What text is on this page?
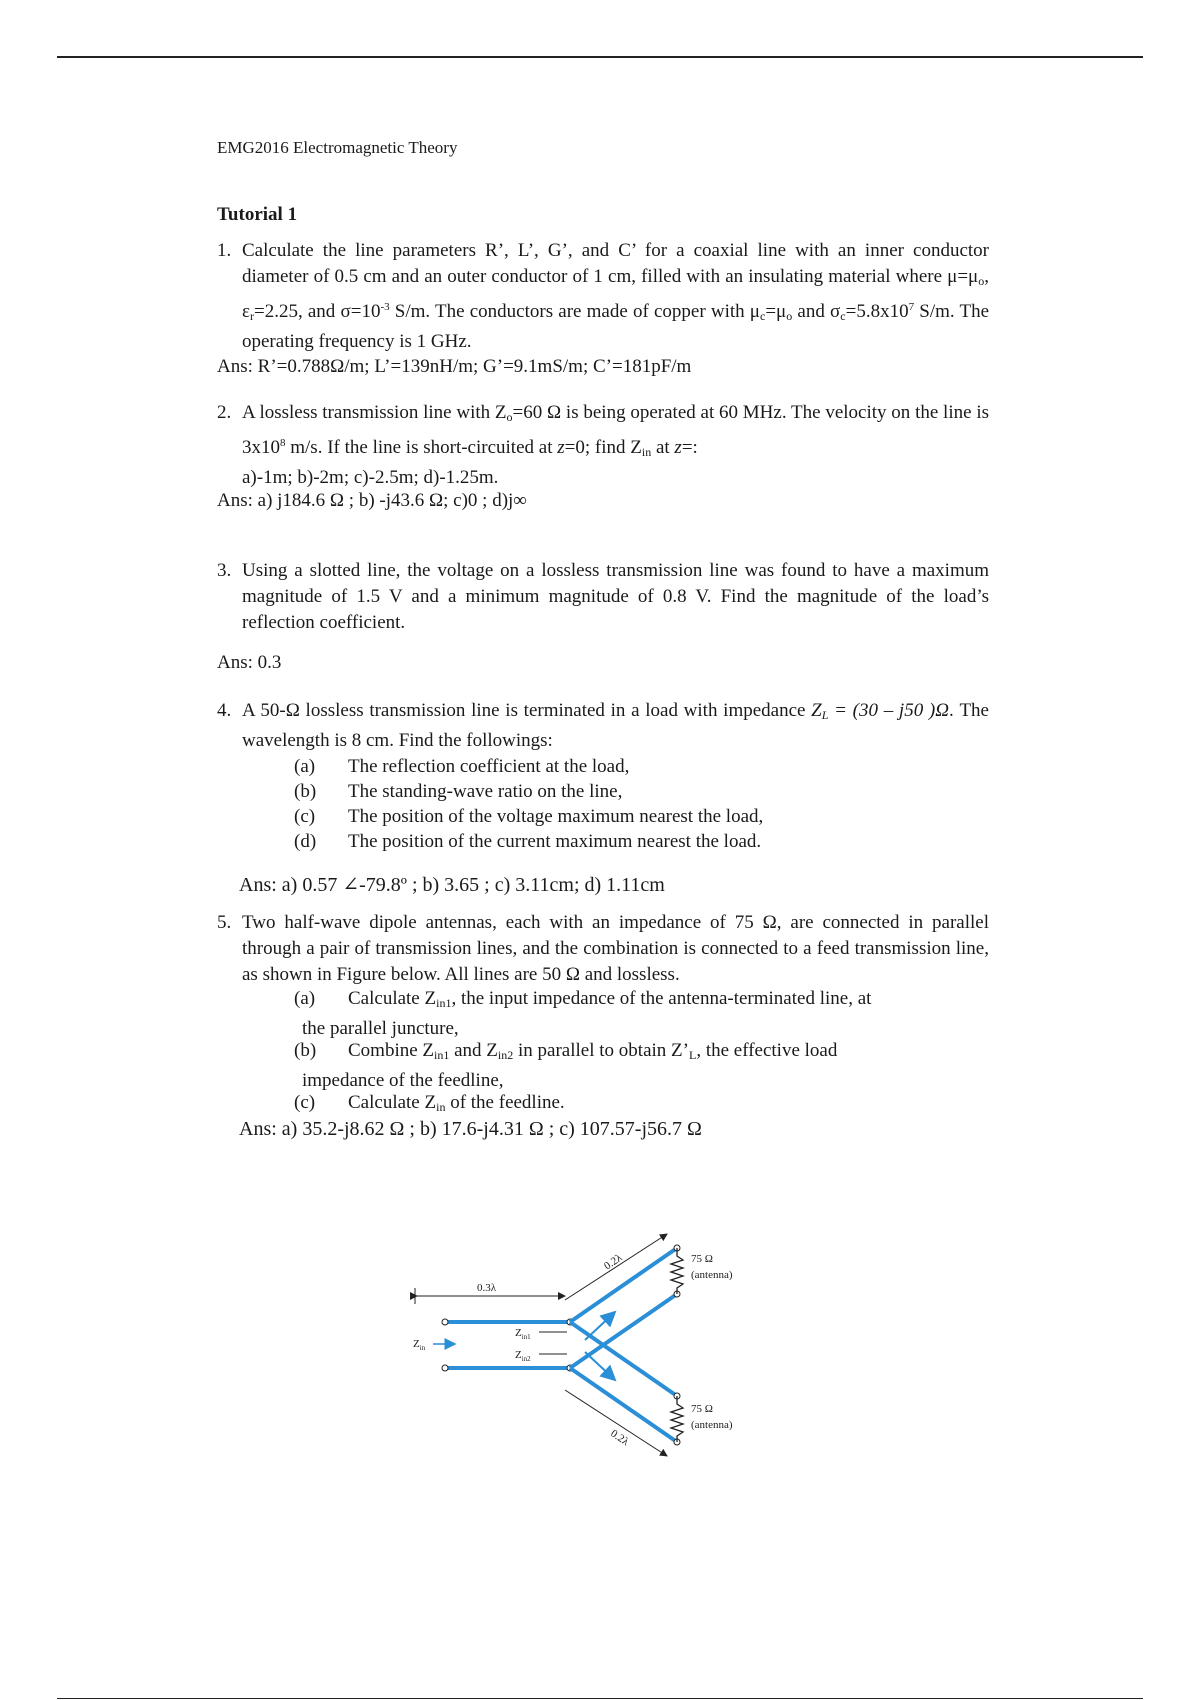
EMG2016 Electromagnetic Theory
Tutorial 1
1. Calculate the line parameters R’, L’, G’, and C’ for a coaxial line with an inner conductor diameter of 0.5 cm and an outer conductor of 1 cm, filled with an insulating material where μ=μo, εr=2.25, and $\sigma=10^{-3}$ S/m. The conductors are made of copper with μc=μo and $\sigma c=5.8x10^7$ S/m. The operating frequency is 1 GHz.
Ans: R’=0.788Ω/m; L’=139nH/m; G’=9.1mS/m; C’=181pF/m
2. A lossless transmission line with Zo=60 Ω is being operated at 60 MHz. The velocity on the line is $3x10^8$ m/s. If the line is short-circuited at z=0; find Zin at z=:
a)-1m; b)-2m; c)-2.5m; d)-1.25m.
Ans: a) j184.6 Ω ; b) -j43.6 Ω; c)0 ; d)j∞
3. Using a slotted line, the voltage on a lossless transmission line was found to have a maximum magnitude of 1.5 V and a minimum magnitude of 0.8 V. Find the magnitude of the load’s reflection coefficient.
Ans: 0.3
4. A 50-Ω lossless transmission line is terminated in a load with impedance ZL = (30 – j50 )Ω. The wavelength is 8 cm. Find the followings:
(a) The reflection coefficient at the load,
(b) The standing-wave ratio on the line,
(c) The position of the voltage maximum nearest the load,
(d) The position of the current maximum nearest the load.
Ans: a) 0.57 ∠-79.8º ; b) 3.65 ; c) 3.11cm; d) 1.11cm
5. Two half-wave dipole antennas, each with an impedance of 75 Ω, are connected in parallel through a pair of transmission lines, and the combination is connected to a feed transmission line, as shown in Figure below. All lines are 50 Ω and lossless.
(a) Calculate Zin1, the input impedance of the antenna-terminated line, at
the parallel juncture,
(b) Combine Zin1 and Zin2 in parallel to obtain Z’L, the effective load
impedance of the feedline,
(c) Calculate Zin of the feedline.
Ans: a) 35.2-j8.62 Ω ; b) 17.6-j4.31 Ω ; c) 107.57-j56.7 Ω
75 Ω
(antenna)
75 Ω
(antenna)
0.3λ
0.2λ
0.2λ
$Z_{in}$
$Z_{in1}$
$Z_{in2}$
